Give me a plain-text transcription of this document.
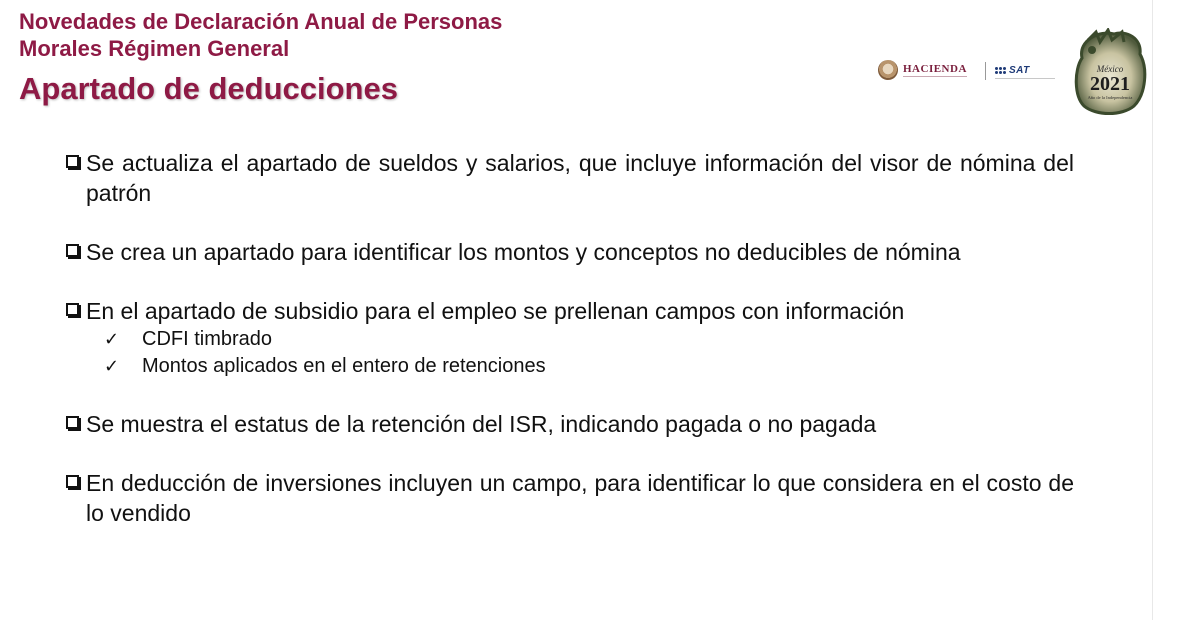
Novedades de Declaración Anual de Personas Morales Régimen General
Apartado de deducciones
HACIENDA	SAT	México
2021
Año de la Independencia
Se actualiza el apartado de sueldos y salarios, que incluye información del visor de nómina del patrón
Se crea un apartado para identificar los montos y conceptos no deducibles de nómina
En el apartado de subsidio para el empleo se prellenan campos con información
✓	CDFI timbrado
✓	Montos aplicados en el entero de retenciones
Se muestra el estatus de la retención del ISR, indicando pagada o no pagada
En deducción de inversiones incluyen un campo, para identificar lo que considera en el costo de lo vendido
